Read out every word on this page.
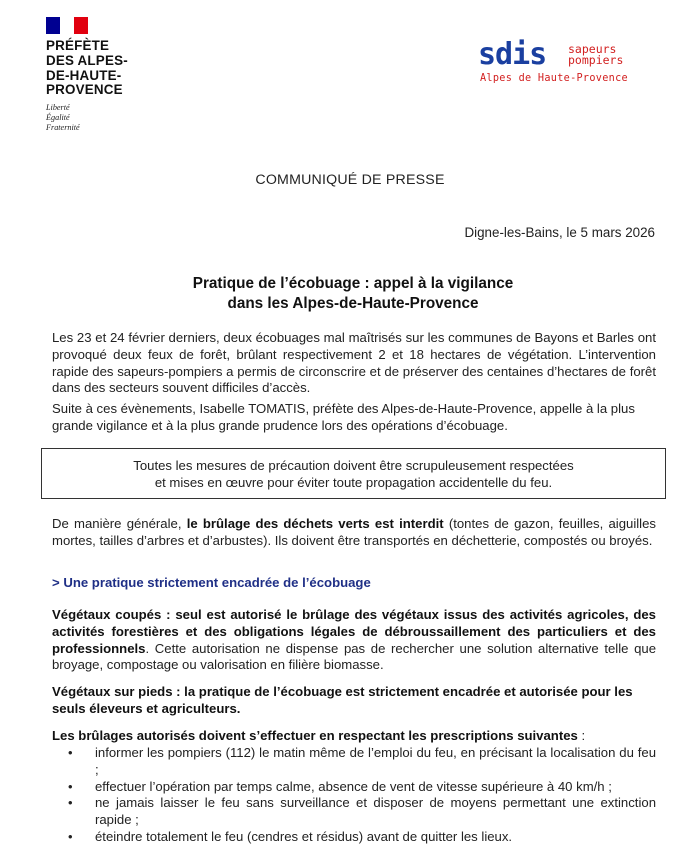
PRÉFÈTE
DES ALPES-
DE-HAUTE-
PROVENCE
Liberté
Égalité
Fraternité
sdis sapeurs
pompiers
Alpes de Haute-Provence
COMMUNIQUÉ DE PRESSE
Digne-les-Bains, le 5 mars 2026
Pratique de l’écobuage : appel à la vigilance
dans les Alpes-de-Haute-Provence
Les 23 et 24 février derniers, deux écobuages mal maîtrisés sur les communes de Bayons et Barles ont provoqué deux feux de forêt, brûlant respectivement 2 et 18 hectares de végétation. L’intervention rapide des sapeurs-pompiers a permis de circonscrire et de préserver des centaines d’hectares de forêt dans des secteurs souvent difficiles d’accès.
Suite à ces évènements, Isabelle TOMATIS, préfète des Alpes-de-Haute-Provence, appelle à la plus grande vigilance et à la plus grande prudence lors des opérations d’écobuage.
Toutes les mesures de précaution doivent être scrupuleusement respectées
et mises en œuvre pour éviter toute propagation accidentelle du feu.
De manière générale, le brûlage des déchets verts est interdit (tontes de gazon, feuilles, aiguilles mortes, tailles d’arbres et d’arbustes). Ils doivent être transportés en déchetterie, compostés ou broyés.
> Une pratique strictement encadrée de l’écobuage
Végétaux coupés : seul est autorisé le brûlage des végétaux issus des activités agricoles, des activités forestières et des obligations légales de débroussaillement des particuliers et des professionnels. Cette autorisation ne dispense pas de rechercher une solution alternative telle que broyage, compostage ou valorisation en filière biomasse.
Végétaux sur pieds : la pratique de l’écobuage est strictement encadrée et autorisée pour les seuls éleveurs et agriculteurs.
Les brûlages autorisés doivent s’effectuer en respectant les prescriptions suivantes :
• informer les pompiers (112) le matin même de l’emploi du feu, en précisant la localisation du feu ;
• effectuer l’opération par temps calme, absence de vent de vitesse supérieure à 40 km/h ;
• ne jamais laisser le feu sans surveillance et disposer de moyens permettant une extinction rapide ;
• éteindre totalement le feu (cendres et résidus) avant de quitter les lieux.
